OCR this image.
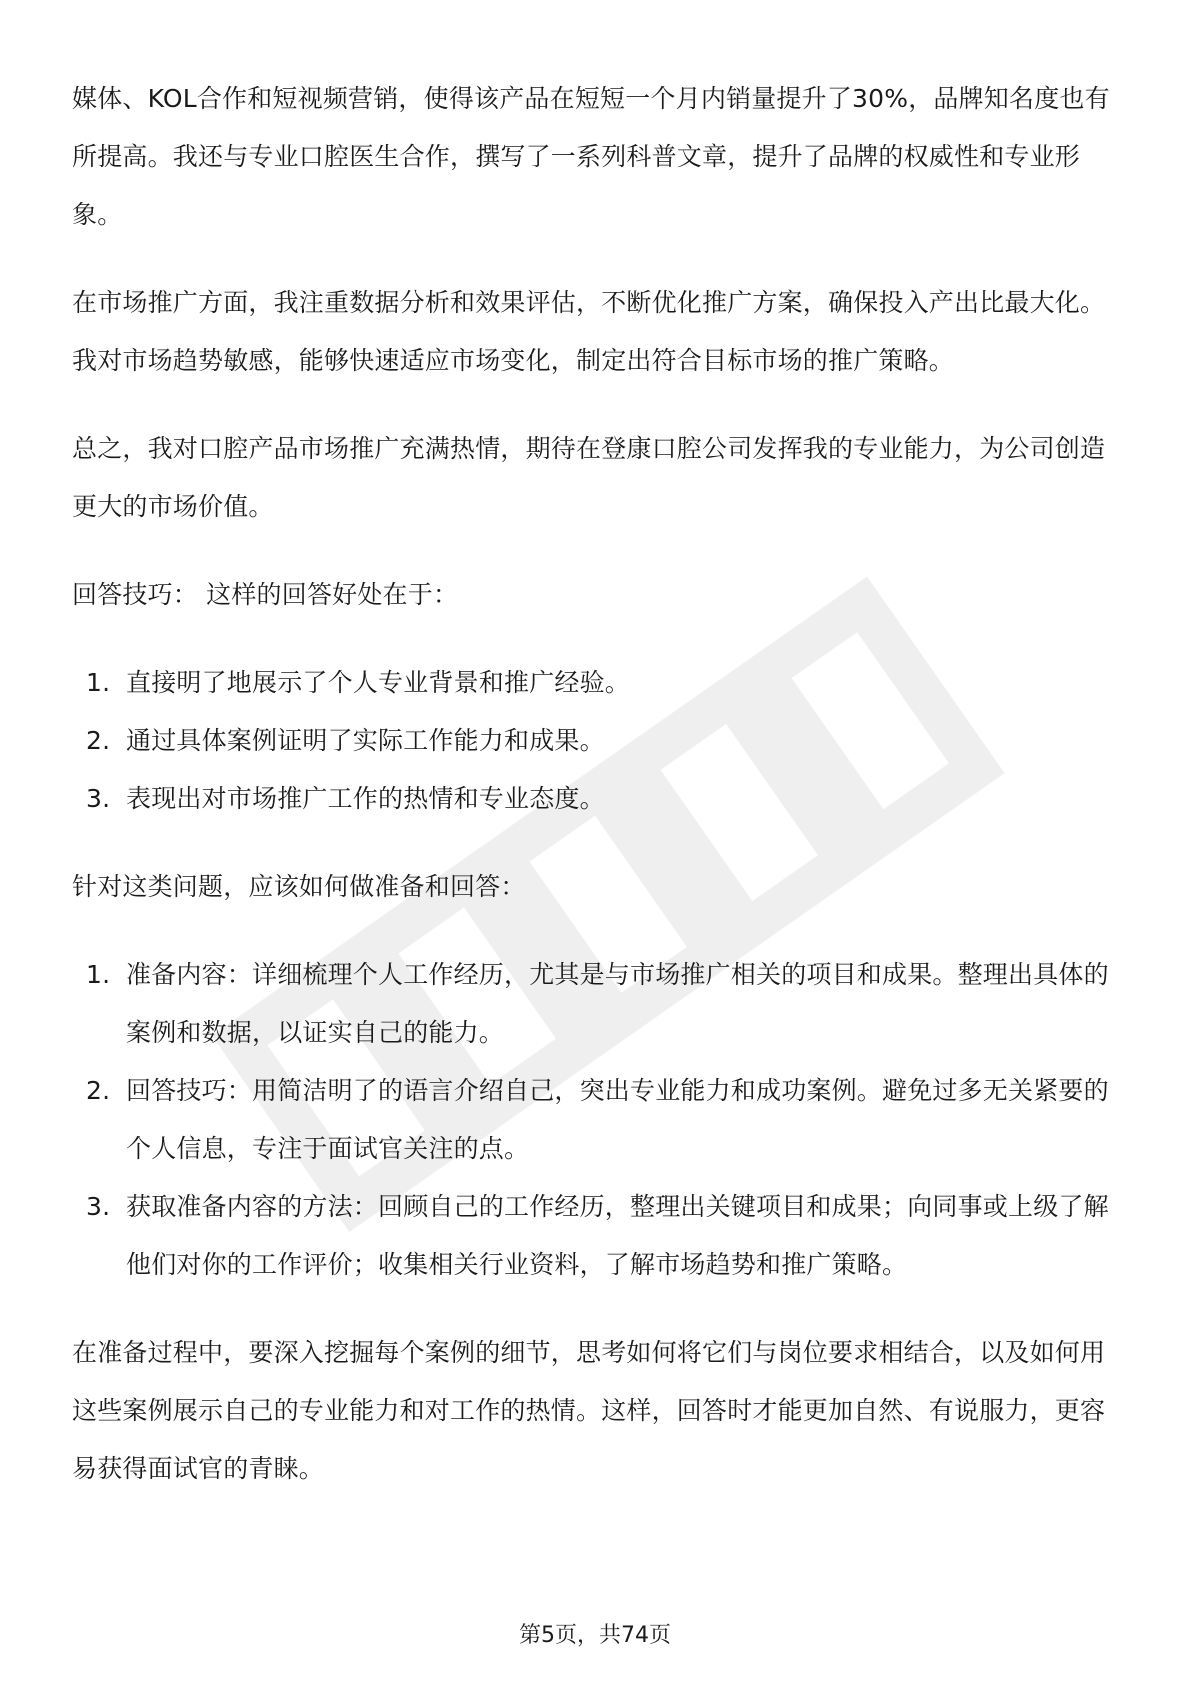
媒体、KOL合作和短视频营销，使得该产品在短短一个月内销量提升了30%，品牌知名度也有所提高。我还与专业口腔医生合作，撰写了一系列科普文章，提升了品牌的权威性和专业形象。

在市场推广方面，我注重数据分析和效果评估，不断优化推广方案，确保投入产出比最大化。我对市场趋势敏感，能够快速适应市场变化，制定出符合目标市场的推广策略。

总之，我对口腔产品市场推广充满热情，期待在登康口腔公司发挥我的专业能力，为公司创造更大的市场价值。

回答技巧： 这样的回答好处在于：

1. 直接明了地展示了个人专业背景和推广经验。
2. 通过具体案例证明了实际工作能力和成果。
3. 表现出对市场推广工作的热情和专业态度。

针对这类问题，应该如何做准备和回答：

1. 准备内容：详细梳理个人工作经历，尤其是与市场推广相关的项目和成果。整理出具体的案例和数据，以证实自己的能力。
2. 回答技巧：用简洁明了的语言介绍自己，突出专业能力和成功案例。避免过多无关紧要的个人信息，专注于面试官关注的点。
3. 获取准备内容的方法：回顾自己的工作经历，整理出关键项目和成果；向同事或上级了解他们对你的工作评价；收集相关行业资料，了解市场趋势和推广策略。

在准备过程中，要深入挖掘每个案例的细节，思考如何将它们与岗位要求相结合，以及如何用这些案例展示自己的专业能力和对工作的热情。这样，回答时才能更加自然、有说服力，更容易获得面试官的青睐。

第5页，共74页
